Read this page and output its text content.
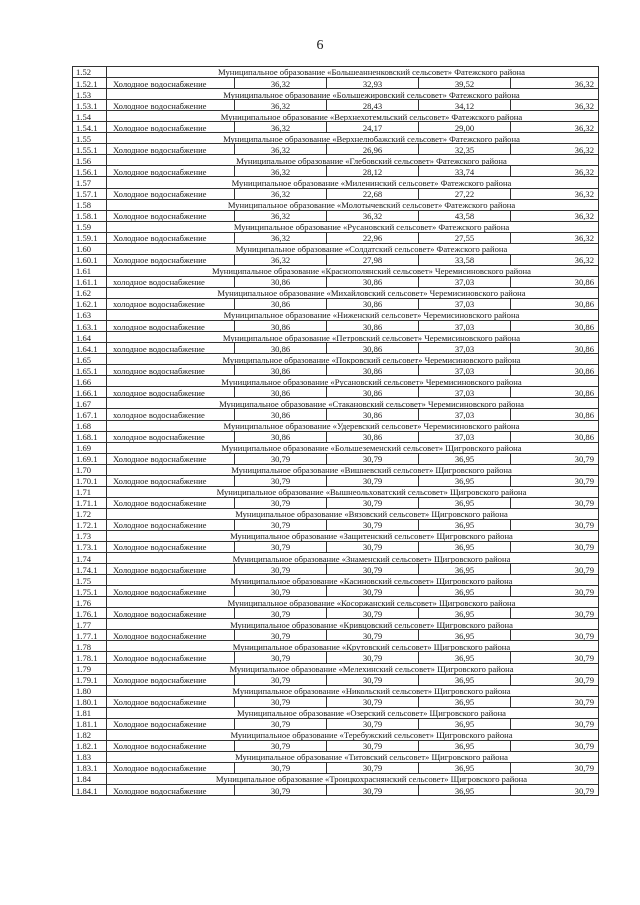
6
1.52	Муниципальное образование «Большеанненковский сельсовет» Фатежского района				
1.52.1	Холодное водоснабжение	36,32	32,93	39,52	36,32
1.53	Муниципальное образование «Большежировский сельсовет» Фатежского района				
1.53.1	Холодное водоснабжение	36,32	28,43	34,12	36,32
1.54	Муниципальное образование «Верхнехотемльский сельсовет» Фатежского района				
1.54.1	Холодное водоснабжение	36,32	24,17	29,00	36,32
1.55	Муниципальное образование «Верхнелюбажский сельсовет» Фатежского района				
1.55.1	Холодное водоснабжение	36,32	26,96	32,35	36,32
1.56	Муниципальное образование «Глебовский сельсовет» Фатежского района				
1.56.1	Холодное водоснабжение	36,32	28,12	33,74	36,32
1.57	Муниципальное образование «Миленинский сельсовет» Фатежского района				
1.57.1	Холодное водоснабжение	36,32	22,68	27,22	36,32
1.58	Муниципальное образование «Молотычевский сельсовет» Фатежского района				
1.58.1	Холодное водоснабжение	36,32	36,32	43,58	36,32
1.59	Муниципальное образование «Русановский сельсовет» Фатежского района				
1.59.1	Холодное водоснабжение	36,32	22,96	27,55	36,32
1.60	Муниципальное образование «Солдатский сельсовет» Фатежского района				
1.60.1	Холодное водоснабжение	36,32	27,98	33,58	36,32
1.61	Муниципальное образование «Краснополянский сельсовет» Черемисиновского района				
1.61.1	холодное водоснабжение	30,86	30,86	37,03	30,86
1.62	Муниципальное образование «Михайловский сельсовет» Черемисиновского района				
1.62.1	холодное водоснабжение	30,86	30,86	37,03	30,86
1.63	Муниципальное образование «Ниженский сельсовет» Черемисиновского района				
1.63.1	холодное водоснабжение	30,86	30,86	37,03	30,86
1.64	Муниципальное образование «Петровский сельсовет» Черемисиновского района				
1.64.1	холодное водоснабжение	30,86	30,86	37,03	30,86
1.65	Муниципальное образование «Покровский сельсовет» Черемисиновского района				
1.65.1	холодное водоснабжение	30,86	30,86	37,03	30,86
1.66	Муниципальное образование «Русановский сельсовет» Черемисиновского района				
1.66.1	холодное водоснабжение	30,86	30,86	37,03	30,86
1.67	Муниципальное образование «Стакановский сельсовет» Черемисиновского района				
1.67.1	холодное водоснабжение	30,86	30,86	37,03	30,86
1.68	Муниципальное образование «Удеревский сельсовет» Черемисиновского района				
1.68.1	холодное водоснабжение	30,86	30,86	37,03	30,86
1.69	Муниципальное образование «Большеземенский сельсовет» Щигровского района				
1.69.1	Холодное водоснабжение	30,79	30,79	36,95	30,79
1.70	Муниципальное образование «Вишневский сельсовет» Щигровского района				
1.70.1	Холодное водоснабжение	30,79	30,79	36,95	30,79
1.71	Муниципальное образование «Вышнеольховатский сельсовет» Щигровского района				
1.71.1	Холодное водоснабжение	30,79	30,79	36,95	30,79
1.72	Муниципальное образование «Вязовский сельсовет» Щигровского района				
1.72.1	Холодное водоснабжение	30,79	30,79	36,95	30,79
1.73	Муниципальное образование «Защитенский сельсовет» Щигровского района				
1.73.1	Холодное водоснабжение	30,79	30,79	36,95	30,79
1.74	Муниципальное образование «Знаменский сельсовет» Щигровского района				
1.74.1	Холодное водоснабжение	30,79	30,79	36,95	30,79
1.75	Муниципальное образование «Касиновский сельсовет» Щигровского района				
1.75.1	Холодное водоснабжение	30,79	30,79	36,95	30,79
1.76	Муниципальное образование «Косоржанский сельсовет» Щигровского района				
1.76.1	Холодное водоснабжение	30,79	30,79	36,95	30,79
1.77	Муниципальное образование «Кривцовский сельсовет» Щигровского района				
1.77.1	Холодное водоснабжение	30,79	30,79	36,95	30,79
1.78	Муниципальное образование «Крутовский сельсовет» Щигровского района				
1.78.1	Холодное водоснабжение	30,79	30,79	36,95	30,79
1.79	Муниципальное образование «Мелехинский сельсовет» Щигровского района				
1.79.1	Холодное водоснабжение	30,79	30,79	36,95	30,79
1.80	Муниципальное образование «Никольский сельсовет» Щигровского района				
1.80.1	Холодное водоснабжение	30,79	30,79	36,95	30,79
1.81	Муниципальное образование «Озерский сельсовет» Щигровского района				
1.81.1	Холодное водоснабжение	30,79	30,79	36,95	30,79
1.82	Муниципальное образование «Теребужский сельсовет» Щигровского района				
1.82.1	Холодное водоснабжение	30,79	30,79	36,95	30,79
1.83	Муниципальное образование «Титовский сельсовет» Щигровского района				
1.83.1	Холодное водоснабжение	30,79	30,79	36,95	30,79
1.84	Муниципальное образование «Троицкохраснянский сельсовет» Щигровского района				
1.84.1	Холодное водоснабжение	30,79	30,79	36,95	30,79
